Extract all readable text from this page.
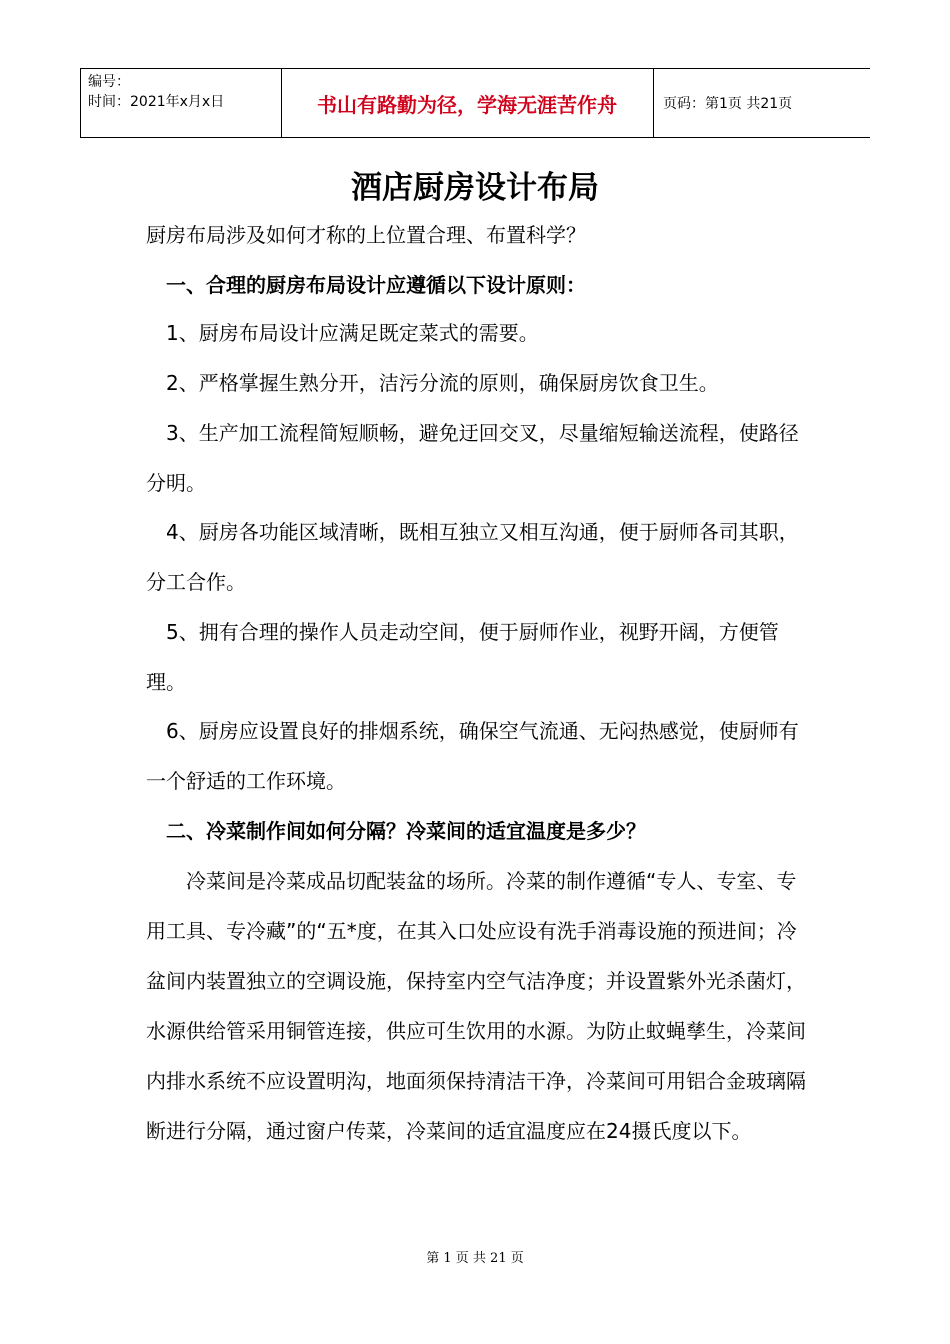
编号：
时间：2021年x月x日	书山有路勤为径，学海无涯苦作舟	页码：第1页 共21页
酒店厨房设计布局
厨房布局涉及如何才称的上位置合理、布置科学？
一、合理的厨房布局设计应遵循以下设计原则：
1、厨房布局设计应满足既定菜式的需要。
2、严格掌握生熟分开，洁污分流的原则，确保厨房饮食卫生。
3、生产加工流程简短顺畅，避免迂回交叉，尽量缩短输送流程，使路径分明。
4、厨房各功能区域清晰，既相互独立又相互沟通，便于厨师各司其职，分工合作。
5、拥有合理的操作人员走动空间，便于厨师作业，视野开阔，方便管理。
6、厨房应设置良好的排烟系统，确保空气流通、无闷热感觉，使厨师有一个舒适的工作环境。
二、冷菜制作间如何分隔？冷菜间的适宜温度是多少？
冷菜间是冷菜成品切配装盆的场所。冷菜的制作遵循“专人、专室、专用工具、专冷藏”的“五*度，在其入口处应设有洗手消毒设施的预进间；冷盆间内装置独立的空调设施，保持室内空气洁净度；并设置紫外光杀菌灯，水源供给管采用铜管连接，供应可生饮用的水源。为防止蚊蝇孳生，冷菜间内排水系统不应设置明沟，地面须保持清洁干净，冷菜间可用铝合金玻璃隔断进行分隔，通过窗户传菜，冷菜间的适宜温度应在24摄氏度以下。
第 1 页 共 21 页
